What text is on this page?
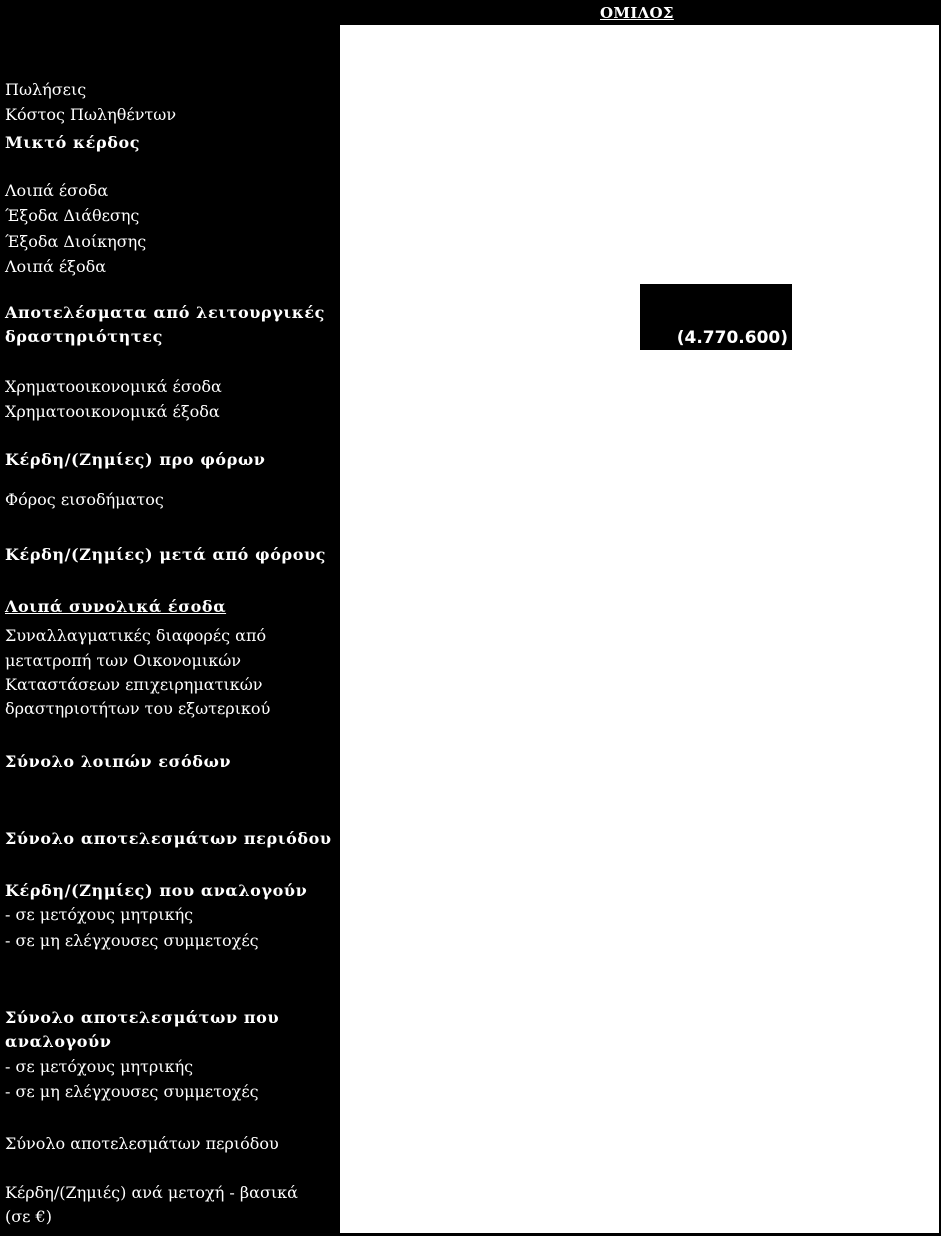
ΟΜΙΛΟΣ
Πωλήσεις
Κόστος Πωληθέντων
Μικτό κέρδος
Λοιπά έσοδα
Έξοδα Διάθεσης
Έξοδα Διοίκησης
Λοιπά έξοδα
Αποτελέσματα από λειτουργικές
δραστηριότητες
Χρηματοοικονομικά έσοδα
Χρηματοοικονομικά έξοδα
Κέρδη/(Ζημίες) προ φόρων
Φόρος εισοδήματος
Κέρδη/(Ζημίες) μετά από φόρους
Λοιπά συνολικά έσοδα
Συναλλαγματικές διαφορές από
μετατροπή των Οικονομικών
Καταστάσεων επιχειρηματικών
δραστηριοτήτων του εξωτερικού
Σύνολο λοιπών εσόδων
Σύνολο αποτελεσμάτων περιόδου
Κέρδη/(Ζημίες) που αναλογούν
- σε μετόχους μητρικής
- σε μη ελέγχουσες συμμετοχές
Σύνολο αποτελεσμάτων που
αναλογούν
- σε μετόχους μητρικής
- σε μη ελέγχουσες συμμετοχές
Σύνολο αποτελεσμάτων περιόδου
Κέρδη/(Ζημιές) ανά μετοχή - βασικά
(σε €)
(4.770.600)
